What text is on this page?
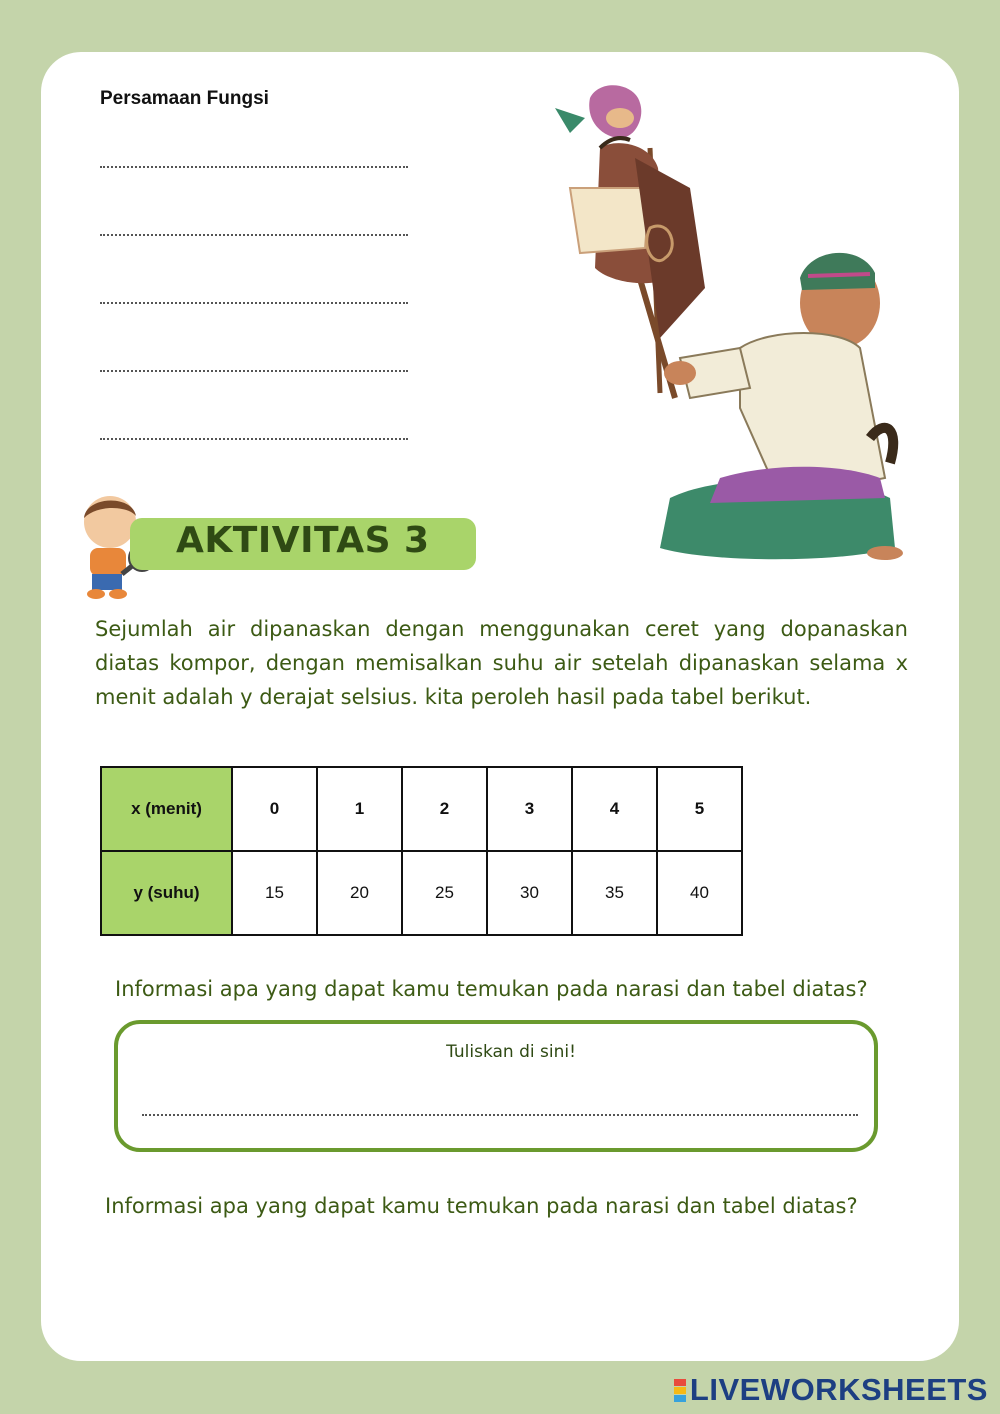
Persamaan Fungsi
AKTIVITAS 3

Sejumlah air dipanaskan dengan menggunakan ceret yang dopanaskan diatas kompor, dengan memisalkan suhu air setelah dipanaskan selama x menit adalah y derajat selsius. kita peroleh hasil pada tabel berikut.

x (menit)	0	1	2	3	4	5
y (suhu)	15	20	25	30	35	40

Informasi apa yang dapat kamu temukan pada narasi dan tabel diatas?

Tuliskan di sini!

Informasi apa yang dapat kamu temukan pada narasi dan tabel diatas?

LIVEWORKSHEETS
